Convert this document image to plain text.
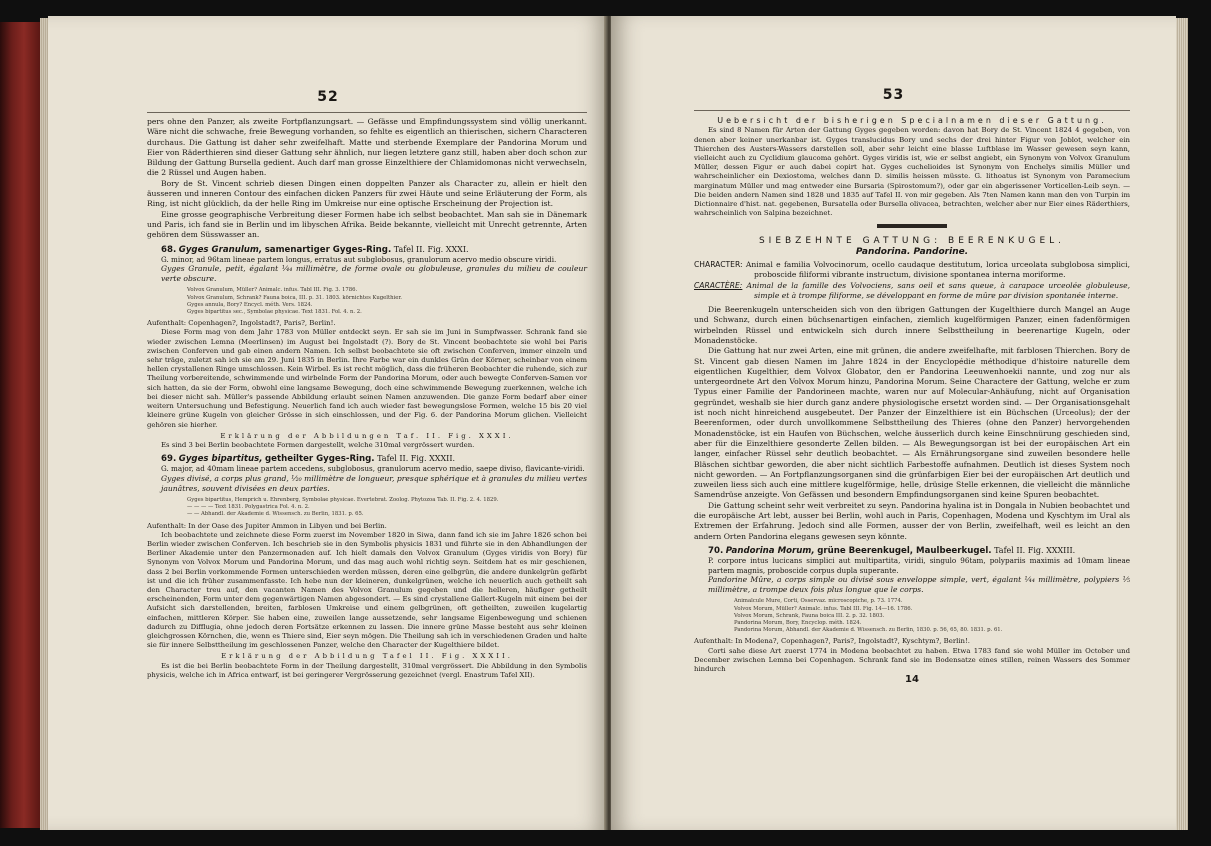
52

pers ohne den Panzer, als zweite Fortpflanzungsart. — Gefässe und Empfindungssystem sind völlig unerkannt. Wäre nicht die schwache, freie Bewegung vorhanden, so fehlte es eigentlich an thierischen, sichern Characteren durchaus. Die Gattung ist daher sehr zweifelhaft. Matte und sterbende Exemplare der Pandorina Morum und Eier von Räderthieren sind dieser Gattung sehr ähnlich, nur liegen letztere ganz still, haben aber doch schon zur Bildung der Gattung Bursella gedient. Auch darf man grosse Einzelthiere der Chlamidomonas nicht verwechseln, die 2 Rüssel und Augen haben.

Bory de St. Vincent schrieb diesen Dingen einen doppelten Panzer als Character zu, allein er hielt den äusseren und inneren Contour des einfachen dicken Panzers für zwei Häute und seine Erläuterung der Form, als Ring, ist nicht glücklich, da der helle Ring im Umkreise nur eine optische Erscheinung der Projection ist.

Eine grosse geographische Verbreitung dieser Formen habe ich selbst beobachtet. Man sah sie in Dänemark und Paris, ich fand sie in Berlin und im libyschen Afrika. Beide bekannte, vielleicht mit Unrecht getrennte, Arten gehören dem Süsswasser an.

68. Gyges Granulum, samenartiger Gyges-Ring. Tafel II. Fig. XXXI.

G. minor, ad 96tam lineae partem longus, erratus aut subglobosus, granulorum acervo medio obscure viridi.

Gyges Granule, petit, égalant ¹⁄₄₄ millimètre, de forme ovale ou globuleuse, granules du milieu de couleur verte obscure.

Volvox Granulum, Müller? Animalc. infus. Tabl III. Fig. 3. 1786.
Volvox Granulum, Schrank? Fauna boica, III. p. 31. 1803. körnichtes Kugelthier.
Gyges annula, Bory? Encycl. méth. Vers. 1824.
Gyges bipartitus sec., Symbolae physicae. Text 1831. Fol. 4. n. 2.

Aufenthalt: Copenhagen?, Ingolstadt?, Paris?, Berlin!.

Diese Form mag von dem Jahr 1783 von Müller entdeckt seyn. Er sah sie im Juni in Sumpfwasser. Schrank fand sie wieder zwischen Lemna (Meerlinsen) im August bei Ingolstadt (?). Bory de St. Vincent beobachtete sie wohl bei Paris zwischen Conferven und gab einen andern Namen. Ich selbst beobachtete sie oft zwischen Conferven, immer einzeln und sehr träge, zuletzt sah ich sie am 29. Juni 1835 in Berlin. Ihre Farbe war ein dunkles Grün der Körner, scheinbar von einem hellen crystallenen Ringe umschlossen. Kein Wirbel. Es ist recht möglich, dass die früheren Beobachter die ruhende, sich zur Theilung vorbereitende, schwimmende und wirbelnde Form der Pandorina Morum, oder auch bewegte Conferven-Samen vor sich hatten, da sie der Form, obwohl eine langsame Bewegung, doch eine schwimmende Bewegung zuerkennen, welche ich bei dieser nicht sah. Müller's passende Abbildung erlaubt seinen Namen anzuwenden. Die ganze Form bedarf aber einer weitern Untersuchung und Befestigung. Neuerlich fand ich auch wieder fast bewegungslose Formen, welche 15 bis 20 viel kleinere grüne Kugeln von gleicher Grösse in sich einschlossen, und der Fig. 6. der Pandorina Morum glichen. Vielleicht gehören sie hierher.

Erklärung der Abbildungen Taf. II. Fig. XXXI.

Es sind 3 bei Berlin beobachtete Formen dargestellt, welche 310mal vergrössert wurden.

69. Gyges bipartitus, getheilter Gyges-Ring. Tafel II. Fig. XXXII.

G. major, ad 40mam lineae partem accedens, subglobosus, granulorum acervo medio, saepe diviso, flavicante-viridi.

Gyges divisé, a corps plus grand, ¹⁄₂₀ millimètre de longueur, presque sphérique et à granules du milieu vertes jaunâtres, souvent divisées en deux parties.

Gyges bipartitus, Hemprich u. Ehrenberg, Symbolae physicae. Evertebrat. Zoolog. Phytozoa Tab. II. Fig. 2. 4. 1829.
— — — — Text 1831. Polygastrica Fol. 4. n. 2.
— — Abhandl. der Akademie d. Wissensch. zu Berlin, 1831. p. 65.

Aufenthalt: In der Oase des Jupiter Ammon in Libyen und bei Berlin.

Ich beobachtete und zeichnete diese Form zuerst im November 1820 in Siwa, dann fand ich sie im Jahre 1826 schon bei Berlin wieder zwischen Conferven. Ich beschrieb sie in den Symbolis physicis 1831 und führte sie in den Abhandlungen der Berliner Akademie unter den Panzermonaden auf. Ich hielt damals den Volvox Granulum (Gyges viridis von Bory) für Synonym von Volvox Morum und Pandorina Morum, und das mag auch wohl richtig seyn. Seitdem hat es mir geschienen, dass 2 bei Berlin vorkommende Formen unterschieden werden müssen, deren eine gelbgrün, die andere dunkelgrün gefärbt ist und die ich früher zusammenfasste. Ich hebe nun der kleineren, dunkelgrünen, welche ich neuerlich auch getheilt sah den Character treu auf, den vacanten Namen des Volvox Granulum gegeben und die helleren, häufiger getheilt erscheinenden, Form unter dem gegenwärtigen Namen abgesondert. — Es sind crystallene Gallert-Kugeln mit einem bei der Aufsicht sich darstellenden, breiten, farblosen Umkreise und einem gelbgrünen, oft getheilten, zuweilen kugelartig einfachen, mittleren Körper. Sie haben eine, zuweilen lange aussetzende, sehr langsame Eigenbewegung und schienen dadurch zu Difflugia, ohne jedoch deren Fortsätze erkennen zu lassen. Die innere grüne Masse besteht aus sehr kleinen gleichgrossen Körnchen, die, wenn es Thiere sind, Eier seyn mögen. Die Theilung sah ich in verschiedenen Graden und halte sie für innere Selbsttheilung im geschlossenen Panzer, welche den Character der Kugelthiere bildet.

Erklärung der Abbildung Tafel II. Fig. XXXII.

Es ist die bei Berlin beobachtete Form in der Theilung dargestellt, 310mal vergrössert. Die Abbildung in den Symbolis physicis, welche ich in Africa entwarf, ist bei geringerer Vergrösserung gezeichnet (vergl. Enastrum Tafel XII).

53

Uebersicht der bisherigen Specialnamen dieser Gattung.

Es sind 8 Namen für Arten der Gattung Gyges gegeben worden: davon hat Bory de St. Vincent 1824 4 gegeben, von denen aber keiner unerkanbar ist. Gyges translucidus Bory und sechs der drei hinter Figur von Joblot, welcher ein Thierchen des Austers-Wassers darstellen soll, aber sehr leicht eine blasse Luftblase im Wasser gewesen seyn kann, vielleicht auch zu Cyclidium glaucoma gehört. Gyges viridis ist, wie er selbst angiebt, ein Synonym von Volvox Granulum Müller, dessen Figur er auch dabei copirt hat. Gyges cuchelioides ist Synonym von Enchelys similis Müller und wahrscheinlicher ein Dexiostoma, welches dann D. similis heissen müsste. G. lithoatus ist Synonym von Paramecium marginatum Müller und mag entweder eine Bursaria (Spirostomum?), oder gar ein abgerissener Vorticellen-Leib seyn. — Die beiden andern Namen sind 1828 und 1835 auf Tafel II. von mir gegeben. Als 7ten Namen kann man den von Turpin im Dictionnaire d'hist. nat. gegebenen, Bursatella oder Bursella olivacea, betrachten, welcher aber nur Eier eines Räderthiers, wahrscheinlich von Salpina bezeichnet.

SIEBZEHNTE GATTUNG: BEERENKUGEL.

Pandorina. Pandorine.

CHARACTER: Animal e familia Volvocinorum, ocello caudaque destitutum, lorica urceolata subglobosa simplici, proboscide filiformi vibrante instructum, divisione spontanea interna moriforme.

CARACTÈRE: Animal de la famille des Volvociens, sans oeil et sans queue, à carapace urceolée globuleuse, simple et à trompe filiforme, se développant en forme de mûre par division spontanée interne.

Die Beerenkugeln unterscheiden sich von den übrigen Gattungen der Kugelthiere durch Mangel an Auge und Schwanz, durch einen büchsenartigen einfachen, ziemlich kugelförmigen Panzer, einen fadenförmigen wirbelnden Rüssel und entwickeln sich durch innere Selbsttheilung in beerenartige Kugeln, oder Monadenstöcke.

Die Gattung hat nur zwei Arten, eine mit grünen, die andere zweifelhafte, mit farblosen Thierchen. Bory de St. Vincent gab diesen Namen im Jahre 1824 in der Encyclopédie méthodique d'histoire naturelle dem eigentlichen Kugelthier, dem Volvox Globator, den er Pandorina Leeuwenhoekii nannte, und zog nur als untergeordnete Art den Volvox Morum hinzu, Pandorina Morum. Seine Charactere der Gattung, welche er zum Typus einer Familie der Pandorineen machte, waren nur auf Molecular-Anhäufung, nicht auf Organisation gegründet, weshalb sie hier durch ganz andere physiologische ersetzt worden sind. — Der Organisationsgehalt ist noch nicht hinreichend ausgebeutet. Der Panzer der Einzelthiere ist ein Büchschen (Urceolus); der der Beerenformen, oder durch unvollkommene Selbsttheilung des Thieres (ohne den Panzer) hervorgehenden Monadenstöcke, ist ein Haufen von Büchschen, welche äusserlich durch keine Einschnürung geschieden sind, aber für die Einzelthiere gesonderte Zellen bilden. — Als Bewegungsorgan ist bei der europäischen Art ein langer, einfacher Rüssel sehr deutlich beobachtet. — Als Ernährungsorgane sind zuweilen besondere helle Bläschen sichtbar geworden, die aber nicht sichtlich Farbestoffe aufnahmen. Deutlich ist dieses System noch nicht geworden. — An Fortpflanzungsorganen sind die grünfarbigen Eier bei der europäischen Art deutlich und zuweilen liess sich auch eine mittlere kugelförmige, helle, drüsige Stelle erkennen, die vielleicht die männliche Samendrüse anzeigte. Von Gefässen und besondern Empfindungsorganen sind keine Spuren beobachtet.

Die Gattung scheint sehr weit verbreitet zu seyn. Pandorina hyalina ist in Dongala in Nubien beobachtet und die europäische Art lebt, ausser bei Berlin, wohl auch in Paris, Copenhagen, Modena und Kyschtym im Ural als Extremen der Erfahrung. Jedoch sind alle Formen, ausser der von Berlin, zweifelhaft, weil es leicht an den andern Orten Pandorina elegans gewesen seyn könnte.

70. Pandorina Morum, grüne Beerenkugel, Maulbeerkugel. Tafel II. Fig. XXXIII.

P. corpore intus lucicans simplici aut multipartita, viridi, singulo 96tam, polypariis maximis ad 10mam lineae partem magnis, proboscide corpus dupla superante.

Pandorine Mûre, a corps simple ou divisé sous enveloppe simple, vert, égalant ¹⁄₄₄ millimètre, polypiers ¹⁄₅ millimètre, a trompe deux fois plus longue que le corps.

Animalcule Mure, Corti, Osservaz. microscopiche, p. 73. 1774.
Volvox Morum, Müller? Animalc. infus. Tabl III. Fig. 14—16. 1786.
Volvox Morum, Schrank, Fauna boica III. 2. p. 32. 1803.
Pandorina Morum, Bory, Encyclop. méth. 1824.
Pandorina Morum, Abhandl. der Akademie d. Wissensch. zu Berlin, 1830. p. 56, 65, 80. 1831. p. 61.

Aufenthalt: In Modena?, Copenhagen?, Paris?, Ingolstadt?, Kyschtym?, Berlin!.

Corti sahe diese Art zuerst 1774 in Modena beobachtet zu haben. Etwa 1783 fand sie wohl Müller im October und December zwischen Lemna bei Copenhagen. Schrank fand sie im Bodensatze eines stillen, reinen Wassers des Sommer hindurch

14
